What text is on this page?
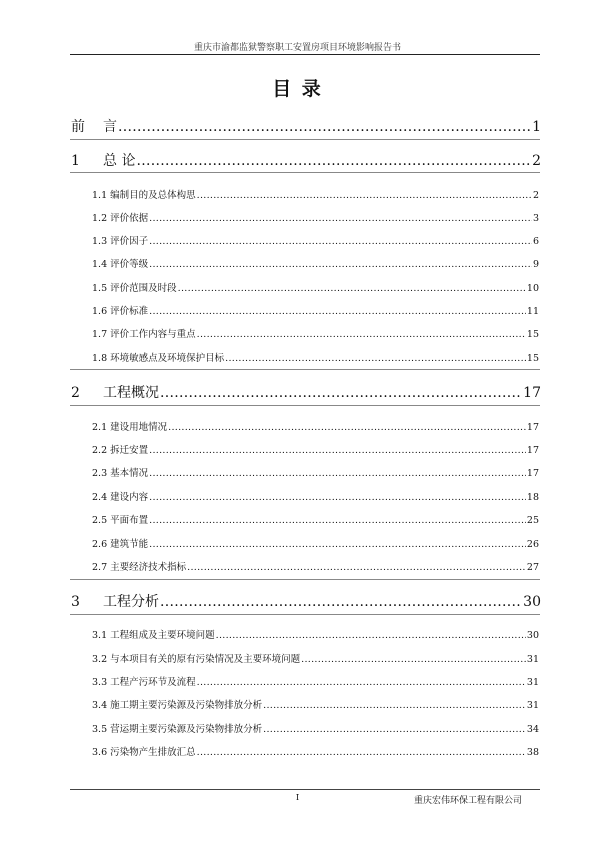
重庆市渝都监狱警察职工安置房项目环境影响报告书
目 录
前	言 .....	1
1	总 论 .....	2
1.1 编制目的及总体构思 .....	2
1.2 评价依据 .....	3
1.3 评价因子 .....	6
1.4 评价等级 .....	9
1.5 评价范围及时段 .....	10
1.6 评价标准 .....	11
1.7 评价工作内容与重点 .....	15
1.8 环境敏感点及环境保护目标 .....	15
2	工程概况 .....	17
2.1 建设用地情况 .....	17
2.2 拆迁安置 .....	17
2.3 基本情况 .....	17
2.4 建设内容 .....	18
2.5 平面布置 .....	25
2.6 建筑节能 .....	26
2.7 主要经济技术指标 .....	27
3	工程分析 .....	30
3.1 工程组成及主要环境问题 .....	30
3.2 与本项目有关的原有污染情况及主要环境问题 .....	31
3.3 工程产污环节及流程 .....	31
3.4 施工期主要污染源及污染物排放分析 .....	31
3.5 营运期主要污染源及污染物排放分析 .....	34
3.6 污染物产生排放汇总 .....	38
I	重庆宏伟环保工程有限公司
